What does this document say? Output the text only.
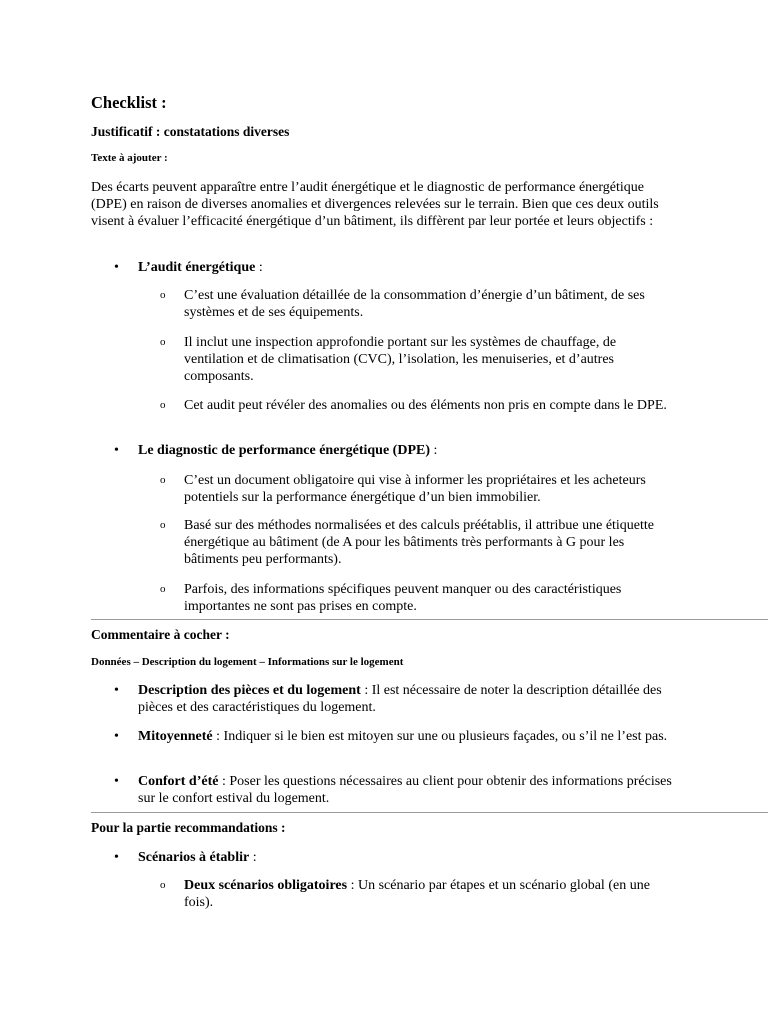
Checklist :
Justificatif : constatations diverses
Texte à ajouter :
Des écarts peuvent apparaître entre l’audit énergétique et le diagnostic de performance énergétique (DPE) en raison de diverses anomalies et divergences relevées sur le terrain. Bien que ces deux outils visent à évaluer l’efficacité énergétique d’un bâtiment, ils diffèrent par leur portée et leurs objectifs :
• L’audit énergétique :
o C’est une évaluation détaillée de la consommation d’énergie d’un bâtiment, de ses systèmes et de ses équipements.
o Il inclut une inspection approfondie portant sur les systèmes de chauffage, de ventilation et de climatisation (CVC), l’isolation, les menuiseries, et d’autres composants.
o Cet audit peut révéler des anomalies ou des éléments non pris en compte dans le DPE.
• Le diagnostic de performance énergétique (DPE) :
o C’est un document obligatoire qui vise à informer les propriétaires et les acheteurs potentiels sur la performance énergétique d’un bien immobilier.
o Basé sur des méthodes normalisées et des calculs préétablis, il attribue une étiquette énergétique au bâtiment (de A pour les bâtiments très performants à G pour les bâtiments peu performants).
o Parfois, des informations spécifiques peuvent manquer ou des caractéristiques importantes ne sont pas prises en compte.
Commentaire à cocher :
Données – Description du logement – Informations sur le logement
• Description des pièces et du logement : Il est nécessaire de noter la description détaillée des pièces et des caractéristiques du logement.
• Mitoyenneté : Indiquer si le bien est mitoyen sur une ou plusieurs façades, ou s’il ne l’est pas.
• Confort d’été : Poser les questions nécessaires au client pour obtenir des informations précises sur le confort estival du logement.
Pour la partie recommandations :
• Scénarios à établir :
o Deux scénarios obligatoires : Un scénario par étapes et un scénario global (en une fois).
